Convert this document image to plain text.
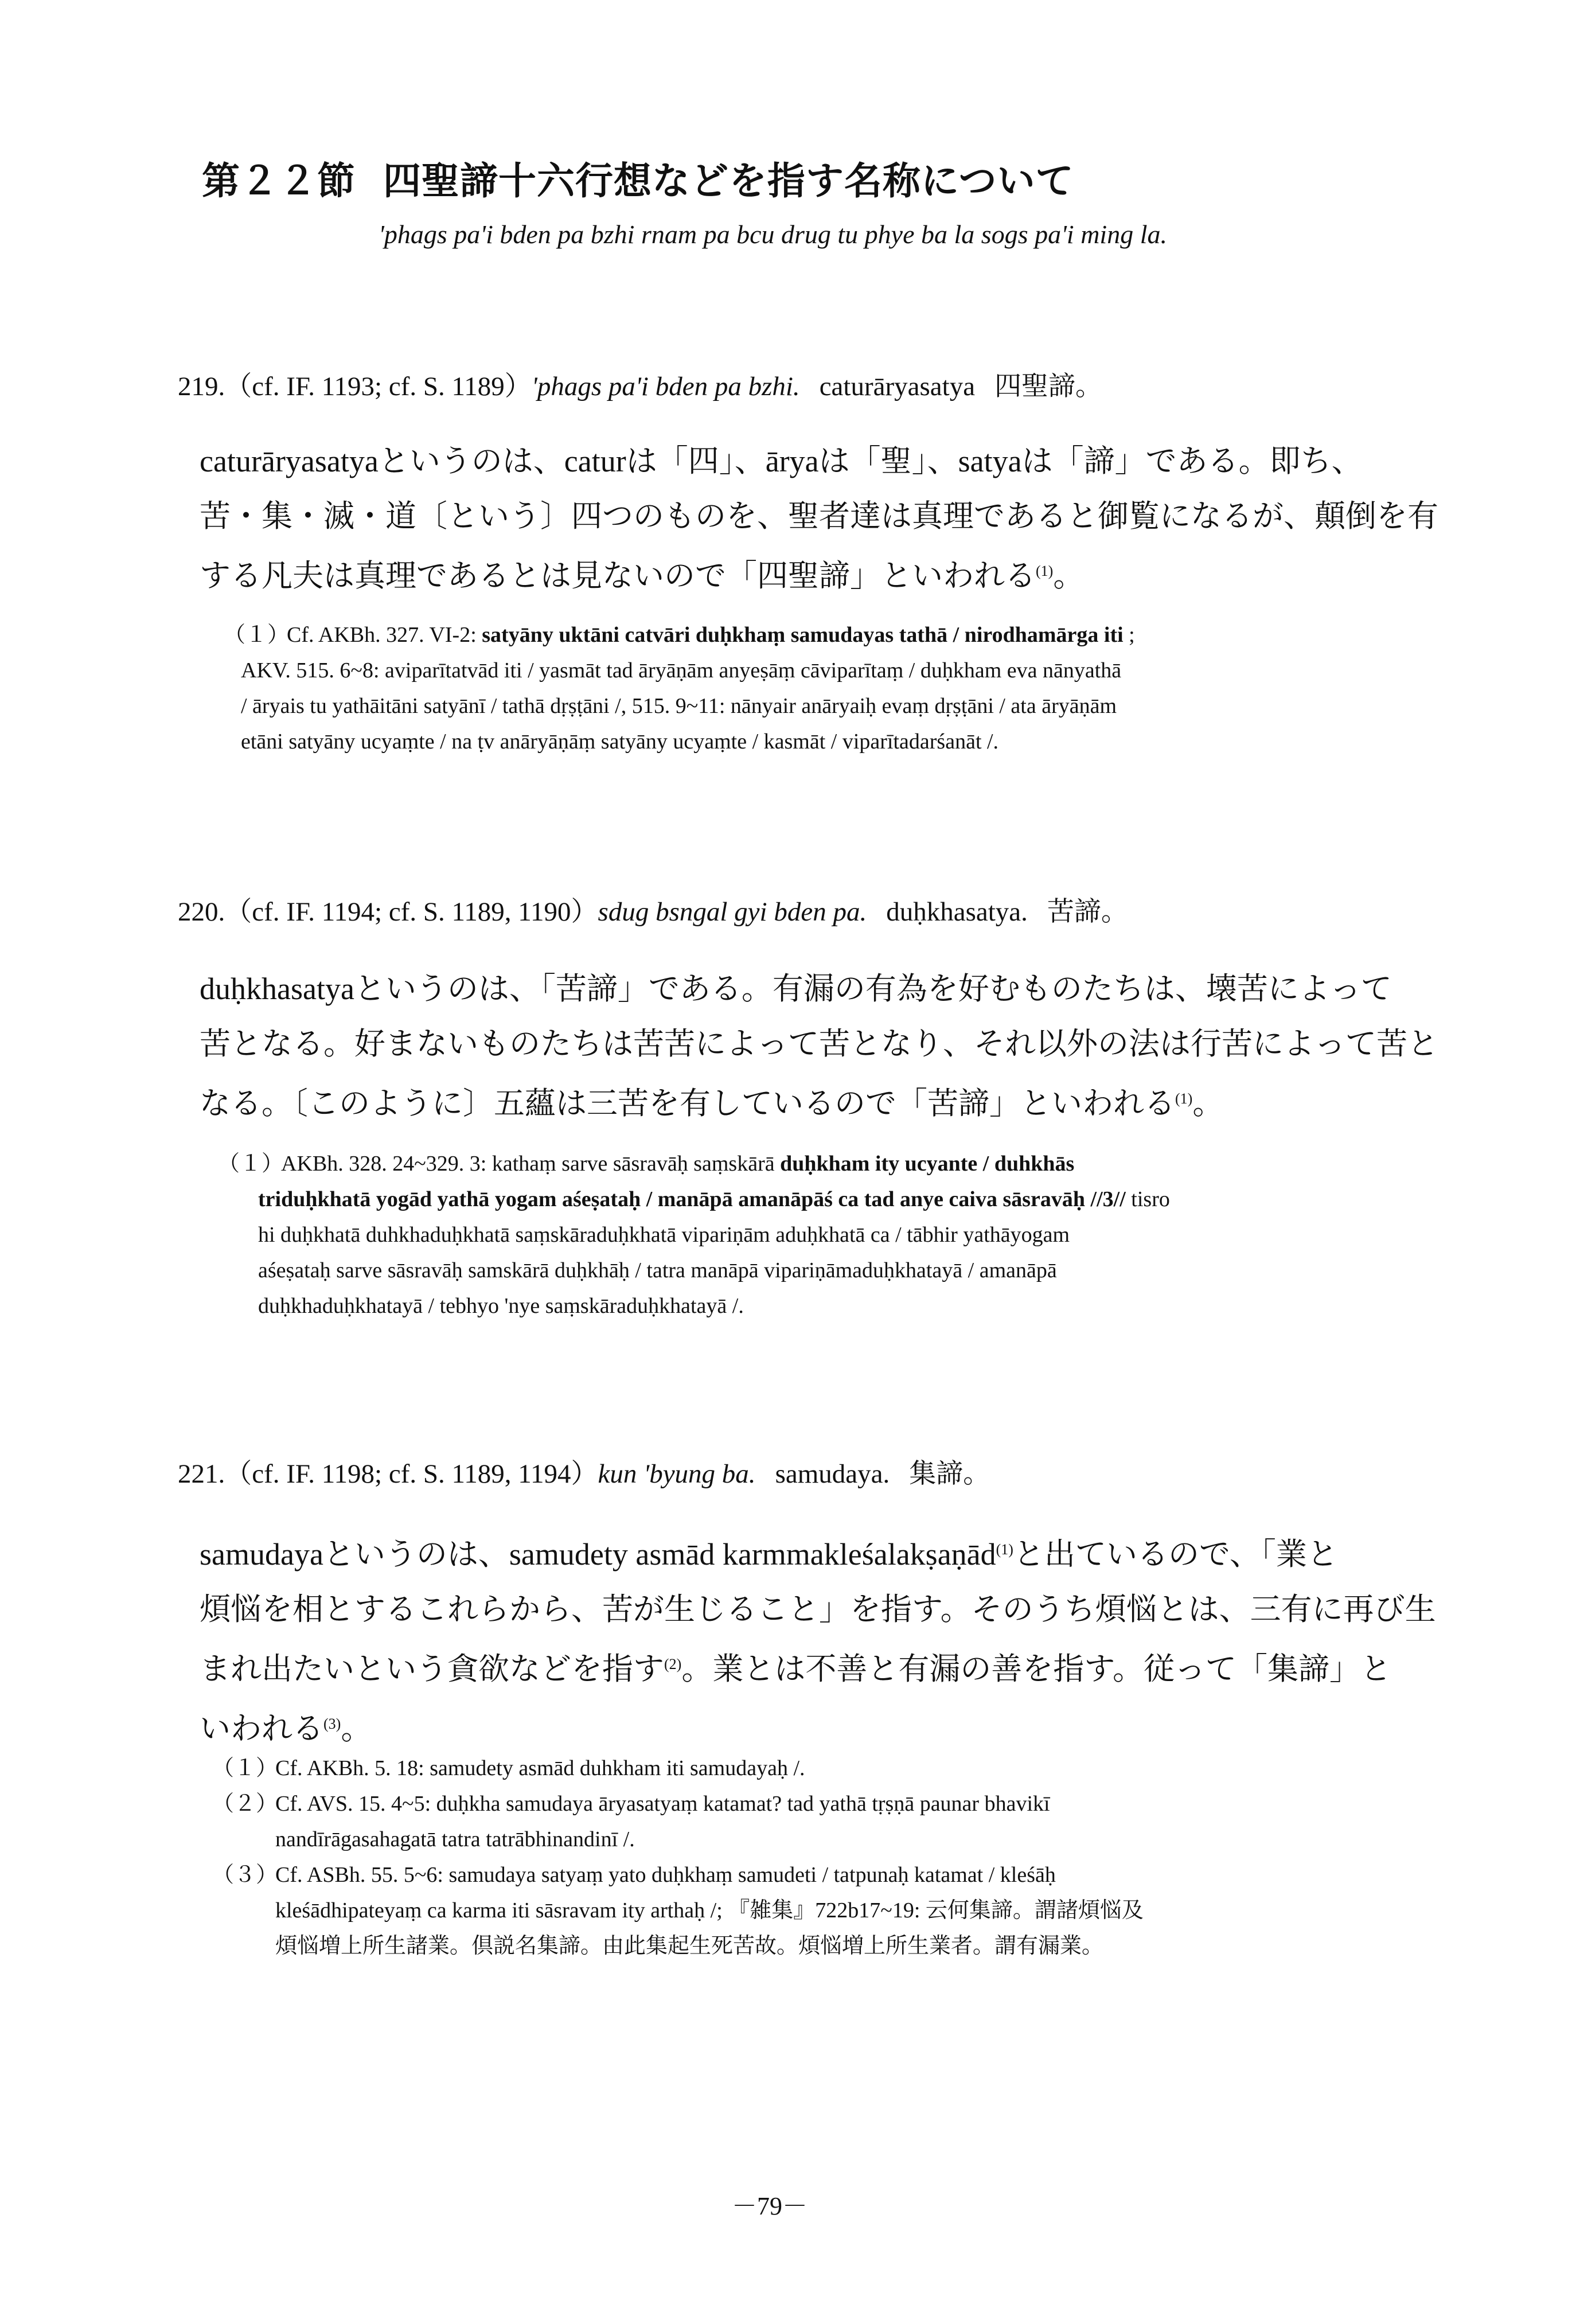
第２２節 四聖諦十六行想などを指す名称について
'phags pa'i bden pa bzhi rnam pa bcu drug tu phye ba la sogs pa'i ming la.
219.（cf. IF. 1193; cf. S. 1189）'phags pa'i bden pa bzhi. caturāryasatya 四聖諦。
caturāryasatyaというのは、caturは「四」、āryaは「聖」、satyaは「諦」である。即ち、
苦・集・滅・道〔という〕四つのものを、聖者達は真理であると御覧になるが、顛倒を有
する凡夫は真理であるとは見ないので「四聖諦」といわれる$^{(1)}$。
（１）Cf. AKBh. 327. VI-2: satyāny uktāni catvāri duḥkhaṃ samudayas tathā / nirodhamārga iti ;
AKV. 515. 6~8: aviparītatvād iti / yasmāt tad āryāṇām anyeṣāṃ cāviparītaṃ / duḥkham eva nānyathā
/ āryais tu yathāitāni satyānī / tathā dṛṣṭāni /, 515. 9~11: nānyair anāryaiḥ evaṃ dṛṣṭāni / ata āryāṇām
etāni satyāny ucyaṃte / na ṭv anāryāṇāṃ satyāny ucyaṃte / kasmāt / viparītadarśanāt /.
220.（cf. IF. 1194; cf. S. 1189, 1190）sdug bsngal gyi bden pa. duḥkhasatya. 苦諦。
duḥkhasatyaというのは、「苦諦」である。有漏の有為を好むものたちは、壊苦によって
苦となる。好まないものたちは苦苦によって苦となり、それ以外の法は行苦によって苦と
なる。〔このように〕五蘊は三苦を有しているので「苦諦」といわれる$^{(1)}$。
（１）AKBh. 328. 24~329. 3: kathaṃ sarve sāsravāḥ saṃskārā duḥkham ity ucyante / duhkhās
triduḥkhatā yogād yathā yogam aśeṣataḥ / manāpā amanāpāś ca tad anye caiva sāsravāḥ //3// tisro
hi duḥkhatā duhkhaduḥkhatā saṃskāraduḥkhatā vipariṇām aduḥkhatā ca / tābhir yathāyogam
aśeṣataḥ sarve sāsravāḥ samskārā duḥkhāḥ / tatra manāpā vipariṇāmaduḥkhatayā / amanāpā
duḥkhaduḥkhatayā / tebhyo 'nye saṃskāraduḥkhatayā /.
221.（cf. IF. 1198; cf. S. 1189, 1194）kun 'byung ba. samudaya. 集諦。
samudayaというのは、samudety asmād karmmakleśalakṣaṇād$^{(1)}$と出ているので、「業と
煩悩を相とするこれらから、苦が生じること」を指す。そのうち煩悩とは、三有に再び生
まれ出たいという貪欲などを指す$^{(2)}$。業とは不善と有漏の善を指す。従って「集諦」と
いわれる$^{(3)}$。
（１）Cf. AKBh. 5. 18: samudety asmād duhkham iti samudayaḥ /.
（２）Cf. AVS. 15. 4~5: duḥkha samudaya āryasatyaṃ katamat? tad yathā tṛṣṇā paunar bhavikī
nandīrāgasahagatā tatra tatrābhinandinī /.
（３）Cf. ASBh. 55. 5~6: samudaya satyaṃ yato duḥkhaṃ samudeti / tatpunaḥ katamat / kleśāḥ
kleśādhipateyaṃ ca karma iti sāsravam ity arthaḥ /; 『雑集』722b17~19: 云何集諦。謂諸煩悩及
煩悩増上所生諸業。倶説名集諦。由此集起生死苦故。煩悩増上所生業者。謂有漏業。
－79－
